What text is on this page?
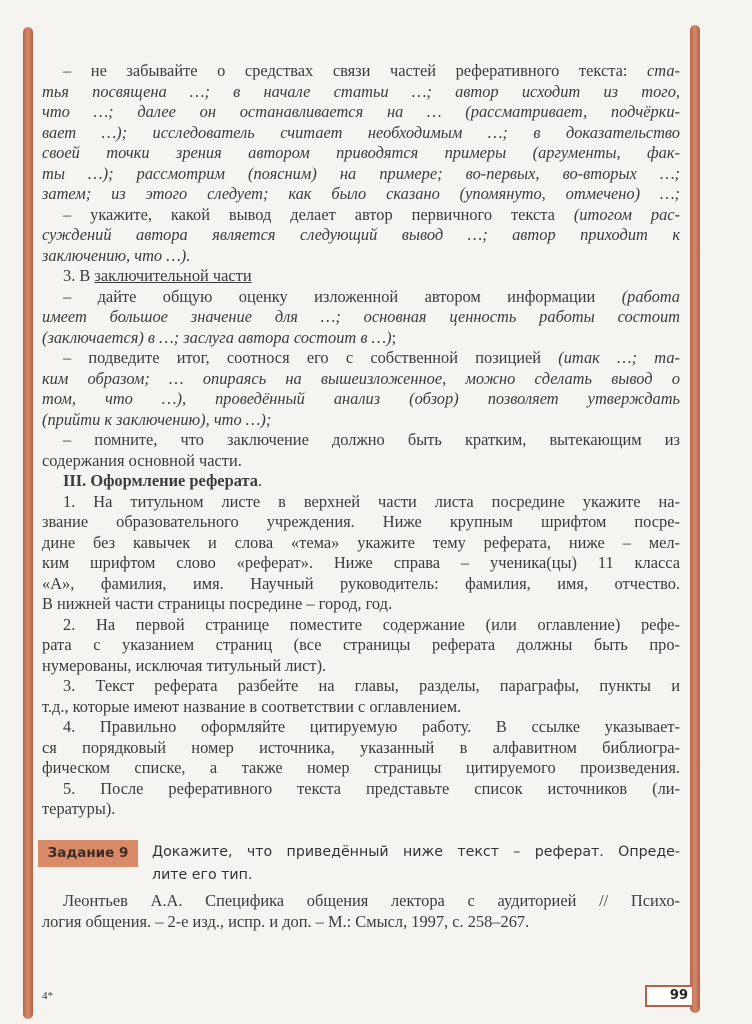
– не забывайте о средствах связи частей реферативного текста: ста-
тья посвящена …; в начале статьи …; автор исходит из того,
что …; далее он останавливается на … (рассматривает, подчёрки-
вает …); исследователь считает необходимым …; в доказательство
своей точки зрения автором приводятся примеры (аргументы, фак-
ты …); рассмотрим (поясним) на примере; во-первых, во-вторых …;
затем; из этого следует; как было сказано (упомянуто, отмечено) …;
– укажите, какой вывод делает автор первичного текста (итогом рас-
суждений автора является следующий вывод …; автор приходит к
заключению, что …).
3. В заключительной части
– дайте общую оценку изложенной автором информации (работа
имеет большое значение для …; основная ценность работы состоит
(заключается) в …; заслуга автора состоит в …);
– подведите итог, соотнося его с собственной позицией (итак …; та-
ким образом; … опираясь на вышеизложенное, можно сделать вывод о
том, что …), проведённый анализ (обзор) позволяет утверждать
(прийти к заключению), что …);
– помните, что заключение должно быть кратким, вытекающим из
содержания основной части.
III. Оформление реферата.
1. На титульном листе в верхней части листа посредине укажите на-
звание образовательного учреждения. Ниже крупным шрифтом посре-
дине без кавычек и слова «тема» укажите тему реферата, ниже – мел-
ким шрифтом слово «реферат». Ниже справа – ученика(цы) 11 класса
«А», фамилия, имя. Научный руководитель: фамилия, имя, отчество.
В нижней части страницы посредине – город, год.
2. На первой странице поместите содержание (или оглавление) рефе-
рата с указанием страниц (все страницы реферата должны быть про-
нумерованы, исключая титульный лист).
3. Текст реферата разбейте на главы, разделы, параграфы, пункты и
т.д., которые имеют название в соответствии с оглавлением.
4. Правильно оформляйте цитируемую работу. В ссылке указывает-
ся порядковый номер источника, указанный в алфавитном библиогра-
фическом списке, а также номер страницы цитируемого произведения.
5. После реферативного текста представьте список источников (ли-
тературы).
Задание 9	Докажите, что приведённый ниже текст – реферат. Опреде-
лите его тип.
Леонтьев А.А. Специфика общения лектора с аудиторией // Психо-
логия общения. – 2-е изд., испр. и доп. – М.: Смысл, 1997, с. 258–267.
4*	99
